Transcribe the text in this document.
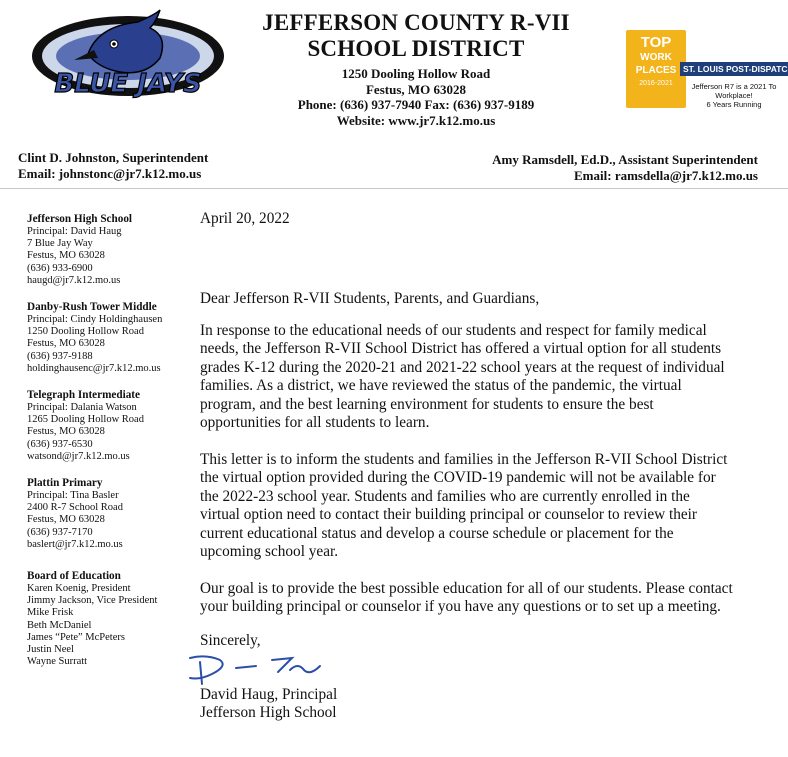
BLUE JAYS
JEFFERSON COUNTY R-VII
SCHOOL DISTRICT
1250 Dooling Hollow Road
Festus, MO 63028
Phone: (636) 937-7940 Fax: (636) 937-9189
Website: www.jr7.k12.mo.us
TOP
WORK
PLACES
2016-2021
ST. LOUIS POST-DISPATC
Jefferson R7 is a 2021 To
Workplace!
6 Years Running
Clint D. Johnston, Superintendent
Email: johnstonc@jr7.k12.mo.us
Amy Ramsdell, Ed.D., Assistant Superintendent
Email: ramsdella@jr7.k12.mo.us
Jefferson High School
Principal: David Haug
7 Blue Jay Way
Festus, MO 63028
(636) 933-6900
haugd@jr7.k12.mo.us
Danby-Rush Tower Middle
Principal: Cindy Holdinghausen
1250 Dooling Hollow Road
Festus, MO 63028
(636) 937-9188
holdinghausenc@jr7.k12.mo.us
Telegraph Intermediate
Principal: Dalania Watson
1265 Dooling Hollow Road
Festus, MO 63028
(636) 937-6530
watsond@jr7.k12.mo.us
Plattin Primary
Principal: Tina Basler
2400 R-7 School Road
Festus, MO 63028
(636) 937-7170
baslert@jr7.k12.mo.us
Board of Education
Karen Koenig, President
Jimmy Jackson, Vice President
Mike Frisk
Beth McDaniel
James “Pete” McPeters
Justin Neel
Wayne Surratt
April 20, 2022
Dear Jefferson R-VII Students, Parents, and Guardians,
In response to the educational needs of our students and respect for family medical
needs, the Jefferson R-VII School District has offered a virtual option for all students
grades K-12 during the 2020-21 and 2021-22 school years at the request of individual
families. As a district, we have reviewed the status of the pandemic, the virtual
program, and the best learning environment for students to ensure the best
opportunities for all students to learn.
This letter is to inform the students and families in the Jefferson R-VII School District
the virtual option provided during the COVID-19 pandemic will not be available for
the 2022-23 school year. Students and families who are currently enrolled in the
virtual option need to contact their building principal or counselor to review their
current educational status and develop a course schedule or placement for the
upcoming school year.
Our goal is to provide the best possible education for all of our students. Please contact
your building principal or counselor if you have any questions or to set up a meeting.
Sincerely,
David Haug, Principal
Jefferson High School
